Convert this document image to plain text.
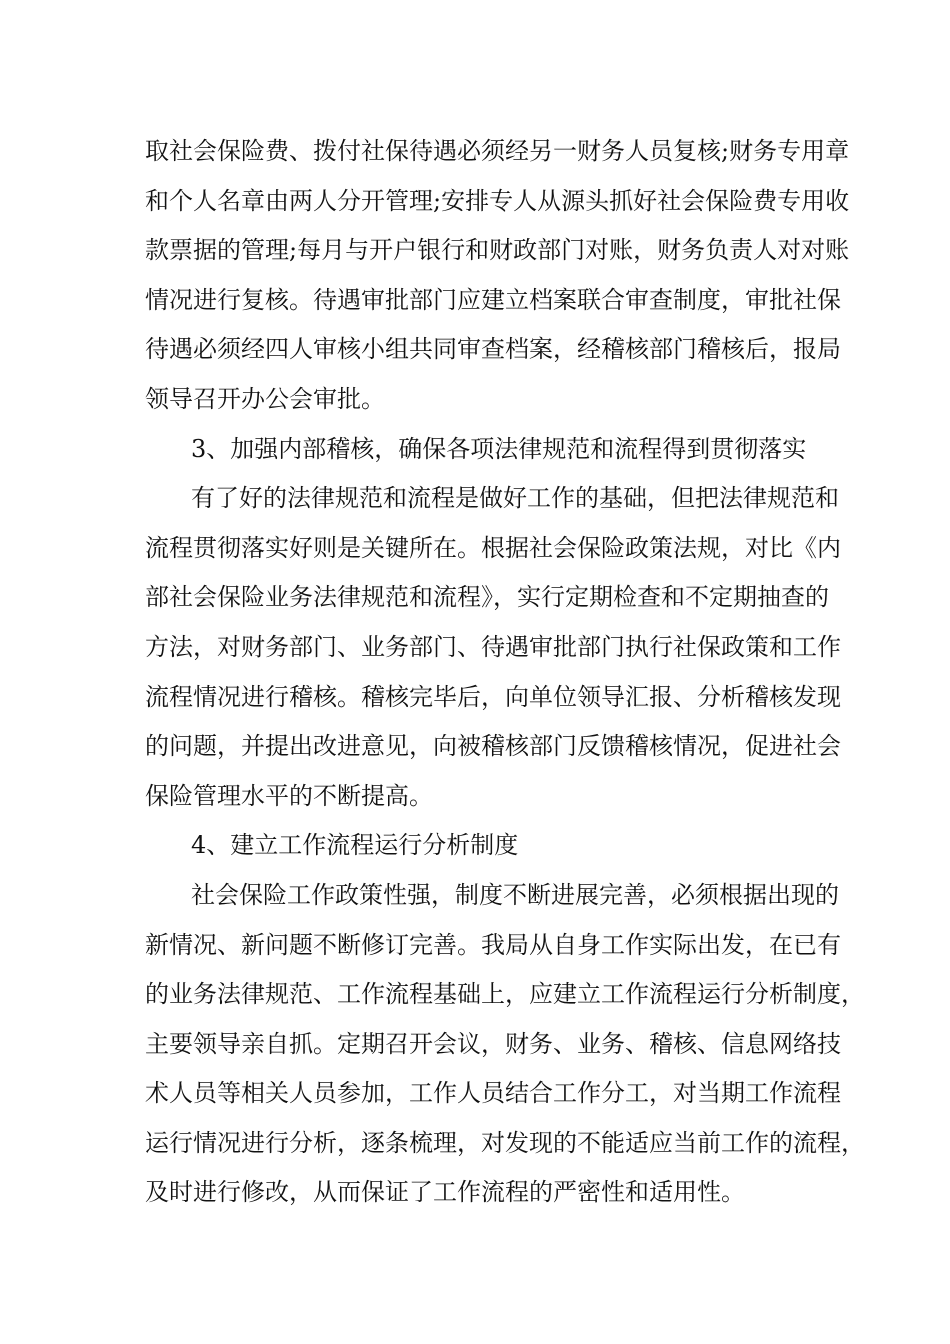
取社会保险费、拨付社保待遇必须经另一财务人员复核;财务专用章
和个人名章由两人分开管理;安排专人从源头抓好社会保险费专用收
款票据的管理;每月与开户银行和财政部门对账，财务负责人对对账
情况进行复核。待遇审批部门应建立档案联合审查制度，审批社保
待遇必须经四人审核小组共同审查档案，经稽核部门稽核后，报局
领导召开办公会审批。
3、加强内部稽核，确保各项法律规范和流程得到贯彻落实
有了好的法律规范和流程是做好工作的基础，但把法律规范和
流程贯彻落实好则是关键所在。根据社会保险政策法规，对比《内
部社会保险业务法律规范和流程》，实行定期检查和不定期抽查的
方法，对财务部门、业务部门、待遇审批部门执行社保政策和工作
流程情况进行稽核。稽核完毕后，向单位领导汇报、分析稽核发现
的问题，并提出改进意见，向被稽核部门反馈稽核情况，促进社会
保险管理水平的不断提高。
4、建立工作流程运行分析制度
社会保险工作政策性强，制度不断进展完善，必须根据出现的
新情况、新问题不断修订完善。我局从自身工作实际出发，在已有
的业务法律规范、工作流程基础上，应建立工作流程运行分析制度，
主要领导亲自抓。定期召开会议，财务、业务、稽核、信息网络技
术人员等相关人员参加，工作人员结合工作分工，对当期工作流程
运行情况进行分析，逐条梳理，对发现的不能适应当前工作的流程，
及时进行修改，从而保证了工作流程的严密性和适用性。
